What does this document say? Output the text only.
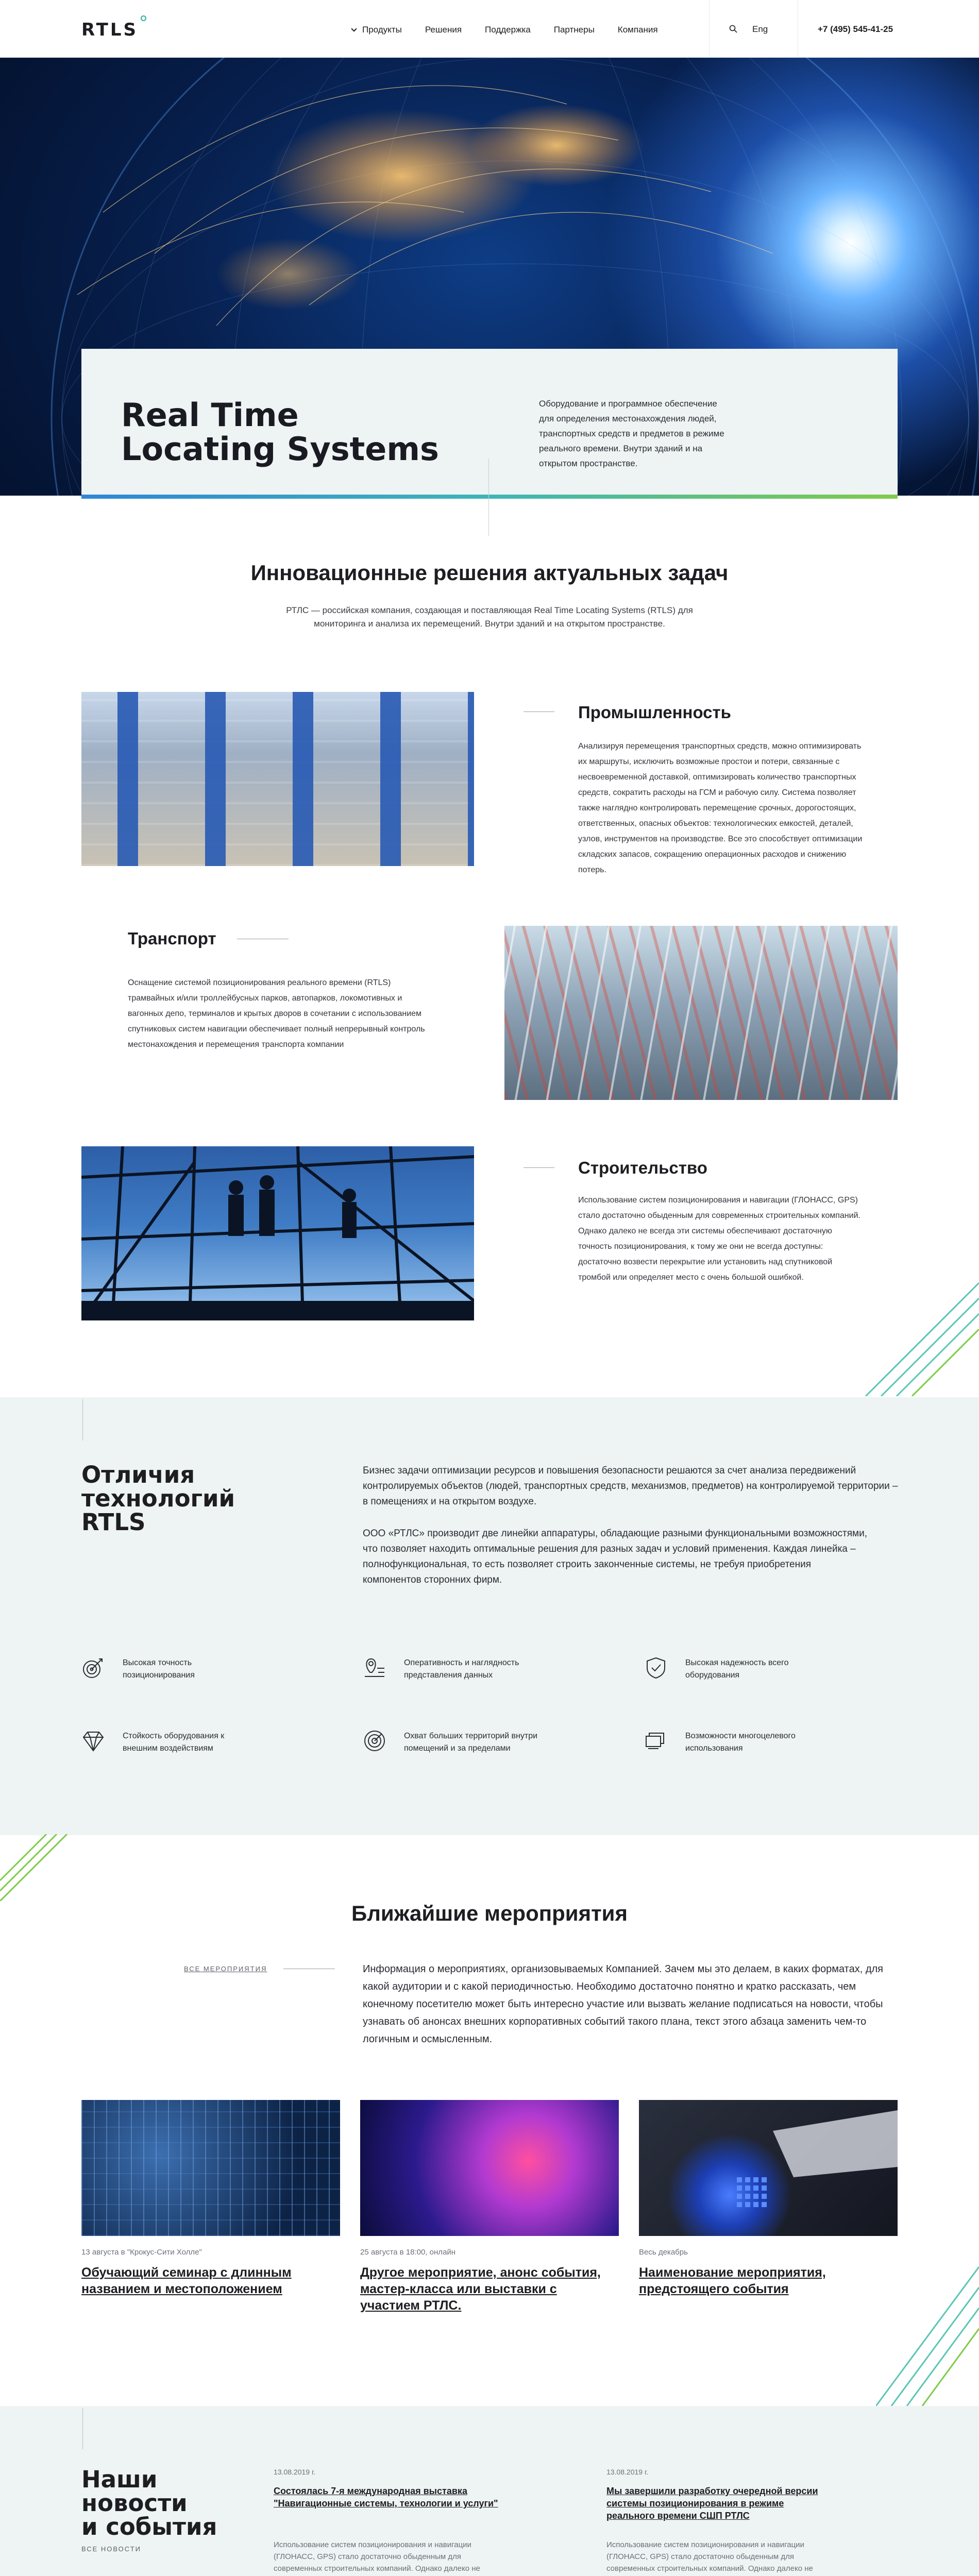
RTLS	Продукты	Решения	Поддержка	Партнеры	Компания	Eng	+7 (495) 545-41-25
Real Time
Locating Systems

Оборудование и программное обеспечение для определения местонахождения людей, транспортных средств и предметов в режиме реального времени. Внутри зданий и на открытом пространстве.

Инновационные решения актуальных задач

РТЛС — российская компания, создающая и поставляющая Real Time Locating Systems (RTLS) для мониторинга и анализа их перемещений. Внутри зданий и на открытом пространстве.

Промышленность

Анализируя перемещения транспортных средств, можно оптимизировать их маршруты, исключить возможные простои и потери, связанные с несвоевременной доставкой, оптимизировать количество транспортных средств, сократить расходы на ГСМ и рабочую силу. Система позволяет также наглядно контролировать перемещение срочных, дорогостоящих, ответственных, опасных объектов: технологических емкостей, деталей, узлов, инструментов на производстве. Все это способствует оптимизации складских запасов, сокращению операционных расходов и снижению потерь.

Транспорт

Оснащение системой позиционирования реального времени (RTLS) трамвайных и/или троллейбусных парков, автопарков, локомотивных и вагонных депо, терминалов и крытых дворов в сочетании с использованием спутниковых систем навигации обеспечивает полный непрерывный контроль местонахождения и перемещения транспорта компании

Строительство

Использование систем позиционирования и навигации (ГЛОНАСС, GPS) стало достаточно обыденным для современных строительных компаний. Однако далеко не всегда эти системы обеспечивают достаточную точность позиционирования, к тому же они не всегда доступны: достаточно возвести перекрытие или установить над спутниковой тромбой или определяет место с очень большой ошибкой.

Отличия
технологий
RTLS

Бизнес задачи оптимизации ресурсов и повышения безопасности решаются за счет анализа передвижений контролируемых объектов (людей, транспортных средств, механизмов, предметов) на контролируемой территории – в помещениях и на открытом воздухе.

ООО «РТЛС» производит две линейки аппаратуры, обладающие разными функциональными возможностями, что позволяет находить оптимальные решения для разных задач и условий применения. Каждая линейка – полнофункциональная, то есть позволяет строить законченные системы, не требуя приобретения компонентов сторонних фирм.

Высокая точность позиционирования
Оперативность и наглядность представления данных
Высокая надежность всего оборудования
Стойкость оборудования к внешним воздействиям
Охват больших территорий внутри помещений и за пределами
Возможности многоцелевого использования
Ближайшие мероприятия
ВСЕ МЕРОПРИЯТИЯ	Информация о мероприятиях, организовываемых Компанией. Зачем мы это делаем, в каких форматах, для какой аудитории и с какой периодичностью. Необходимо достаточно понятно и кратко рассказать, чем конечному посетителю может быть интересно участие или вызвать желание подписаться на новости, чтобы узнавать об анонсах внешних корпоративных событий такого плана, текст этого абзаца заменить чем-то логичным и осмысленным.

13 августа в "Крокус-Сити Холле"	25 августа в 18:00, онлайн	Весь декабрь
Обучающий семинар с длинным названием и местоположением
Другое мероприятие, анонс события, мастер-класса или выставки с участием РТЛС.
Наименование мероприятия, предстоящего события
Наши
новости
и события
ВСЕ НОВОСТИ
13.08.2019 г.
Состоялась 7-я международная выставка "Навигационные системы, технологии и услуги"

Использование систем позиционирования и навигации (ГЛОНАСС, GPS) стало достаточно обыденным для современных строительных компаний. Однако далеко не

13.08.2019 г.
Мы завершили разработку очередной версии системы позиционирования в режиме реального времени СШП РТЛС

Использование систем позиционирования и навигации (ГЛОНАСС, GPS) стало достаточно обыденным для современных строительных компаний. Однако далеко не
